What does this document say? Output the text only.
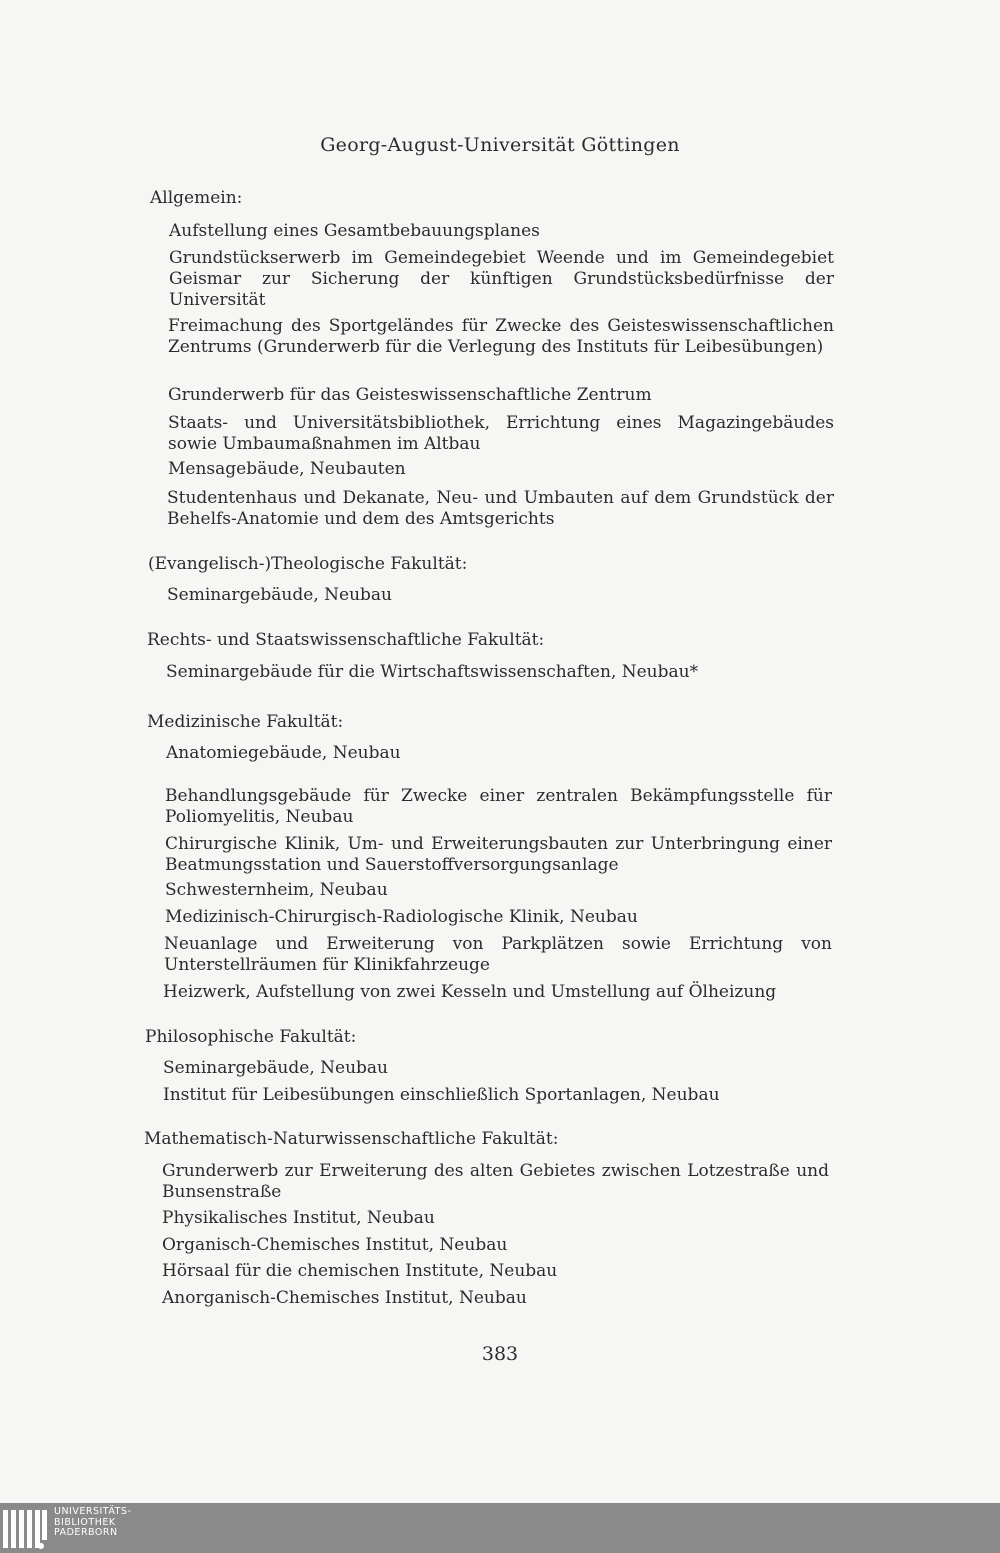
Georg-August-Universität Göttingen
Allgemein:
Aufstellung eines Gesamtbebauungsplanes
Grundstückserwerb im Gemeindegebiet Weende und im Gemeindegebiet Geismar zur Sicherung der künftigen Grundstücksbedürfnisse der Universität
Freimachung des Sportgeländes für Zwecke des Geisteswissenschaftlichen Zentrums (Grunderwerb für die Verlegung des Instituts für Leibesübungen)
Grunderwerb für das Geisteswissenschaftliche Zentrum
Staats- und Universitätsbibliothek, Errichtung eines Magazingebäudes sowie Umbaumaßnahmen im Altbau
Mensagebäude, Neubauten
Studentenhaus und Dekanate, Neu- und Umbauten auf dem Grundstück der Behelfs-Anatomie und dem des Amtsgerichts
(Evangelisch-)Theologische Fakultät:
Seminargebäude, Neubau
Rechts- und Staatswissenschaftliche Fakultät:
Seminargebäude für die Wirtschaftswissenschaften, Neubau*
Medizinische Fakultät:
Anatomiegebäude, Neubau
Behandlungsgebäude für Zwecke einer zentralen Bekämpfungsstelle für Poliomyelitis, Neubau
Chirurgische Klinik, Um- und Erweiterungsbauten zur Unterbringung einer Beatmungsstation und Sauerstoffversorgungsanlage
Schwesternheim, Neubau
Medizinisch-Chirurgisch-Radiologische Klinik, Neubau
Neuanlage und Erweiterung von Parkplätzen sowie Errichtung von Unterstellräumen für Klinikfahrzeuge
Heizwerk, Aufstellung von zwei Kesseln und Umstellung auf Ölheizung
Philosophische Fakultät:
Seminargebäude, Neubau
Institut für Leibesübungen einschließlich Sportanlagen, Neubau
Mathematisch-Naturwissenschaftliche Fakultät:
Grunderwerb zur Erweiterung des alten Gebietes zwischen Lotzestraße und Bunsenstraße
Physikalisches Institut, Neubau
Organisch-Chemisches Institut, Neubau
Hörsaal für die chemischen Institute, Neubau
Anorganisch-Chemisches Institut, Neubau
383
UNIVERSITÄTS-
BIBLIOTHEK
PADERBORN
